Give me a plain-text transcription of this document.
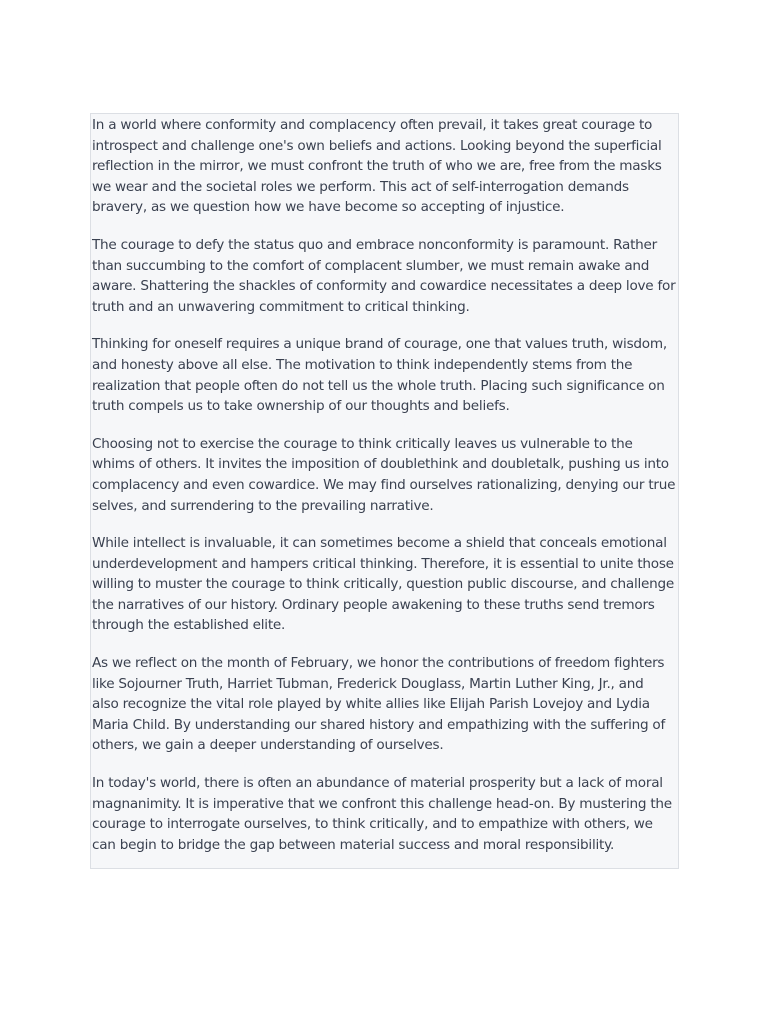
In a world where conformity and complacency often prevail, it takes great courage to
introspect and challenge one's own beliefs and actions. Looking beyond the superficial
reflection in the mirror, we must confront the truth of who we are, free from the masks
we wear and the societal roles we perform. This act of self-interrogation demands
bravery, as we question how we have become so accepting of injustice.

The courage to defy the status quo and embrace nonconformity is paramount. Rather
than succumbing to the comfort of complacent slumber, we must remain awake and
aware. Shattering the shackles of conformity and cowardice necessitates a deep love for
truth and an unwavering commitment to critical thinking.

Thinking for oneself requires a unique brand of courage, one that values truth, wisdom,
and honesty above all else. The motivation to think independently stems from the
realization that people often do not tell us the whole truth. Placing such significance on
truth compels us to take ownership of our thoughts and beliefs.

Choosing not to exercise the courage to think critically leaves us vulnerable to the
whims of others. It invites the imposition of doublethink and doubletalk, pushing us into
complacency and even cowardice. We may find ourselves rationalizing, denying our true
selves, and surrendering to the prevailing narrative.

While intellect is invaluable, it can sometimes become a shield that conceals emotional
underdevelopment and hampers critical thinking. Therefore, it is essential to unite those
willing to muster the courage to think critically, question public discourse, and challenge
the narratives of our history. Ordinary people awakening to these truths send tremors
through the established elite.

As we reflect on the month of February, we honor the contributions of freedom fighters
like Sojourner Truth, Harriet Tubman, Frederick Douglass, Martin Luther King, Jr., and
also recognize the vital role played by white allies like Elijah Parish Lovejoy and Lydia
Maria Child. By understanding our shared history and empathizing with the suffering of
others, we gain a deeper understanding of ourselves.

In today's world, there is often an abundance of material prosperity but a lack of moral
magnanimity. It is imperative that we confront this challenge head-on. By mustering the
courage to interrogate ourselves, to think critically, and to empathize with others, we
can begin to bridge the gap between material success and moral responsibility.
